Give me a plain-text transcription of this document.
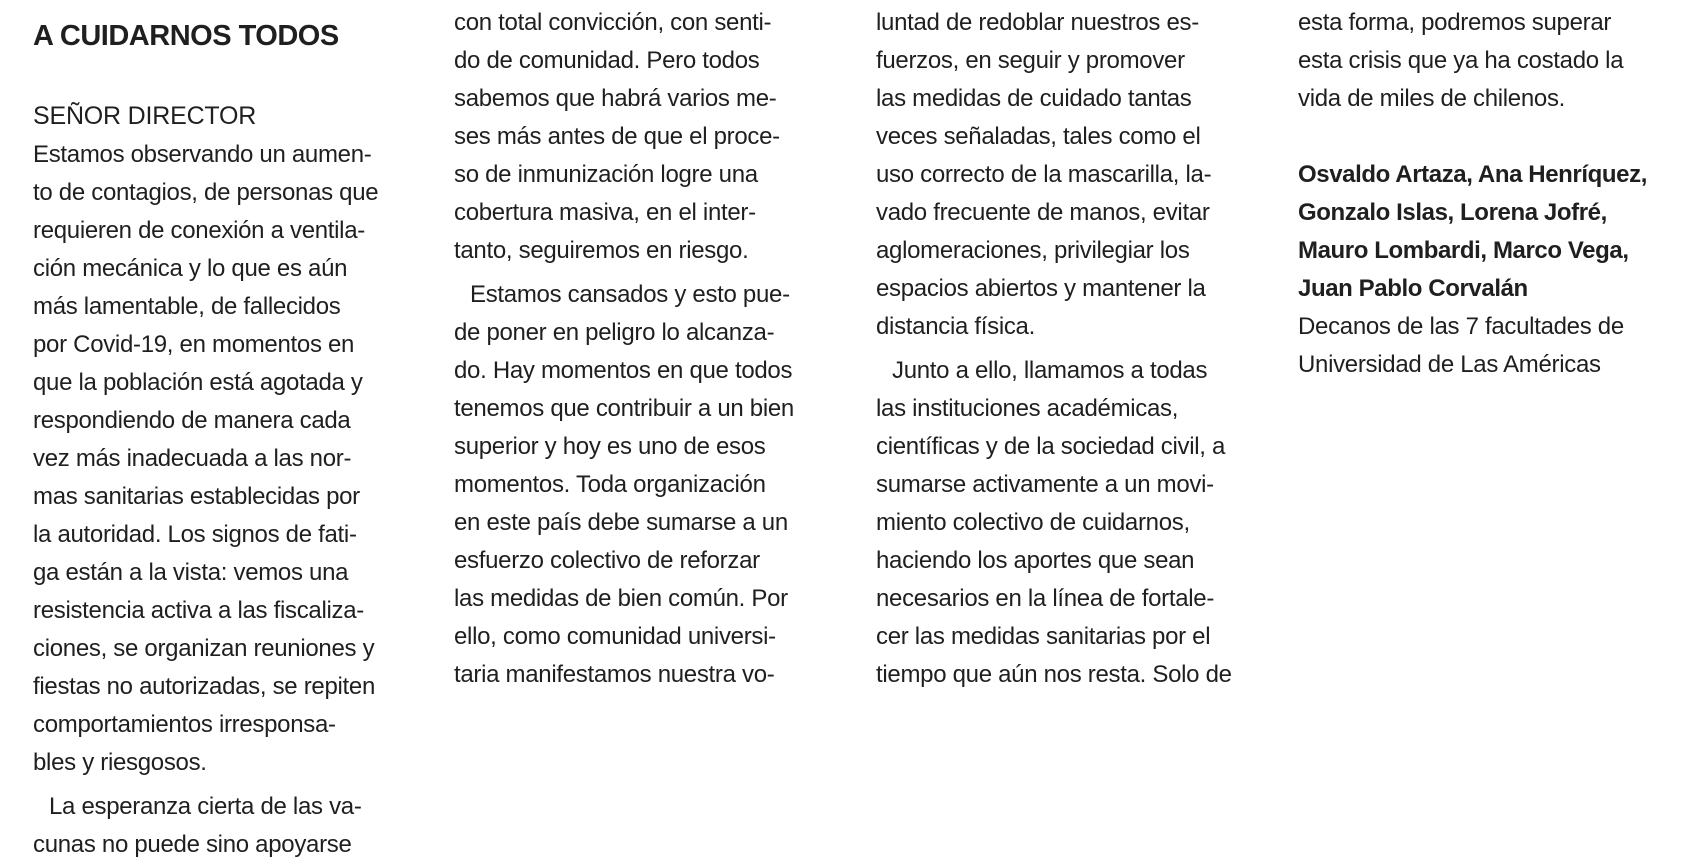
A CUIDARNOS TODOS
SEÑOR DIRECTOR
Estamos observando un aumen-
to de contagios, de personas que
requieren de conexión a ventila-
ción mecánica y lo que es aún
más lamentable, de fallecidos
por Covid-19, en momentos en
que la población está agotada y
respondiendo de manera cada
vez más inadecuada a las nor-
mas sanitarias establecidas por
la autoridad. Los signos de fati-
ga están a la vista: vemos una
resistencia activa a las fiscaliza-
ciones, se organizan reuniones y
fiestas no autorizadas, se repiten
comportamientos irresponsa-
bles y riesgosos.
La esperanza cierta de las va-
cunas no puede sino apoyarse
con total convicción, con senti-
do de comunidad. Pero todos
sabemos que habrá varios me-
ses más antes de que el proce-
so de inmunización logre una
cobertura masiva, en el inter-
tanto, seguiremos en riesgo.
Estamos cansados y esto pue-
de poner en peligro lo alcanza-
do. Hay momentos en que todos
tenemos que contribuir a un bien
superior y hoy es uno de esos
momentos. Toda organización
en este país debe sumarse a un
esfuerzo colectivo de reforzar
las medidas de bien común. Por
ello, como comunidad universi-
taria manifestamos nuestra vo-
luntad de redoblar nuestros es-
fuerzos, en seguir y promover
las medidas de cuidado tantas
veces señaladas, tales como el
uso correcto de la mascarilla, la-
vado frecuente de manos, evitar
aglomeraciones, privilegiar los
espacios abiertos y mantener la
distancia física.
Junto a ello, llamamos a todas
las instituciones académicas,
científicas y de la sociedad civil, a
sumarse activamente a un movi-
miento colectivo de cuidarnos,
haciendo los aportes que sean
necesarios en la línea de fortale-
cer las medidas sanitarias por el
tiempo que aún nos resta. Solo de
esta forma, podremos superar
esta crisis que ya ha costado la
vida de miles de chilenos.
Osvaldo Artaza, Ana Henríquez,
Gonzalo Islas, Lorena Jofré,
Mauro Lombardi, Marco Vega,
Juan Pablo Corvalán
Decanos de las 7 facultades de
Universidad de Las Américas
